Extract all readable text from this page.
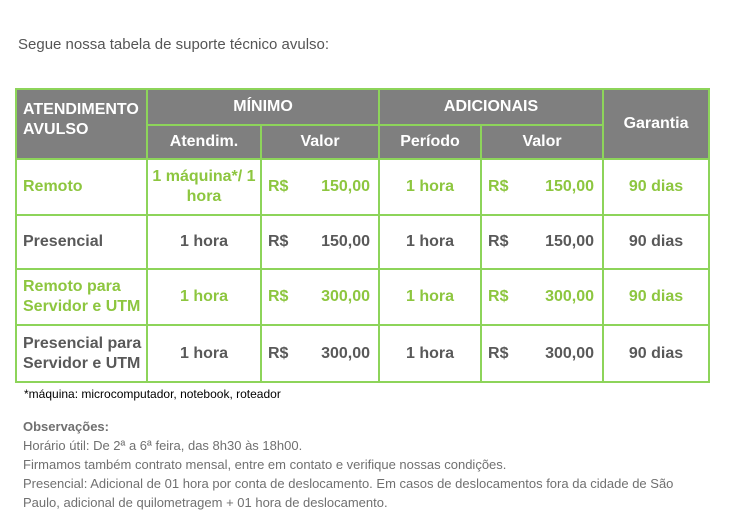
Segue nossa tabela de suporte técnico avulso:
ATENDIMENTO AVULSO	MÍNIMO		ADICIONAIS		Garantia
	Atendim.	Valor	Período	Valor	
Remoto	1 máquina*/ 1 hora	R$ 150,00	1 hora	R$ 150,00	90 dias
Presencial	1 hora	R$ 150,00	1 hora	R$ 150,00	90 dias
Remoto para Servidor e UTM	1 hora	R$ 300,00	1 hora	R$ 300,00	90 dias
Presencial para Servidor e UTM	1 hora	R$ 300,00	1 hora	R$ 300,00	90 dias
*máquina: microcomputador, notebook, roteador
Observações:
Horário útil: De 2ª a 6ª feira, das 8h30 às 18h00.
Firmamos também contrato mensal, entre em contato e verifique nossas condições.
Presencial: Adicional de 01 hora por conta de deslocamento. Em casos de deslocamentos fora da cidade de São
Paulo, adicional de quilometragem + 01 hora de deslocamento.
